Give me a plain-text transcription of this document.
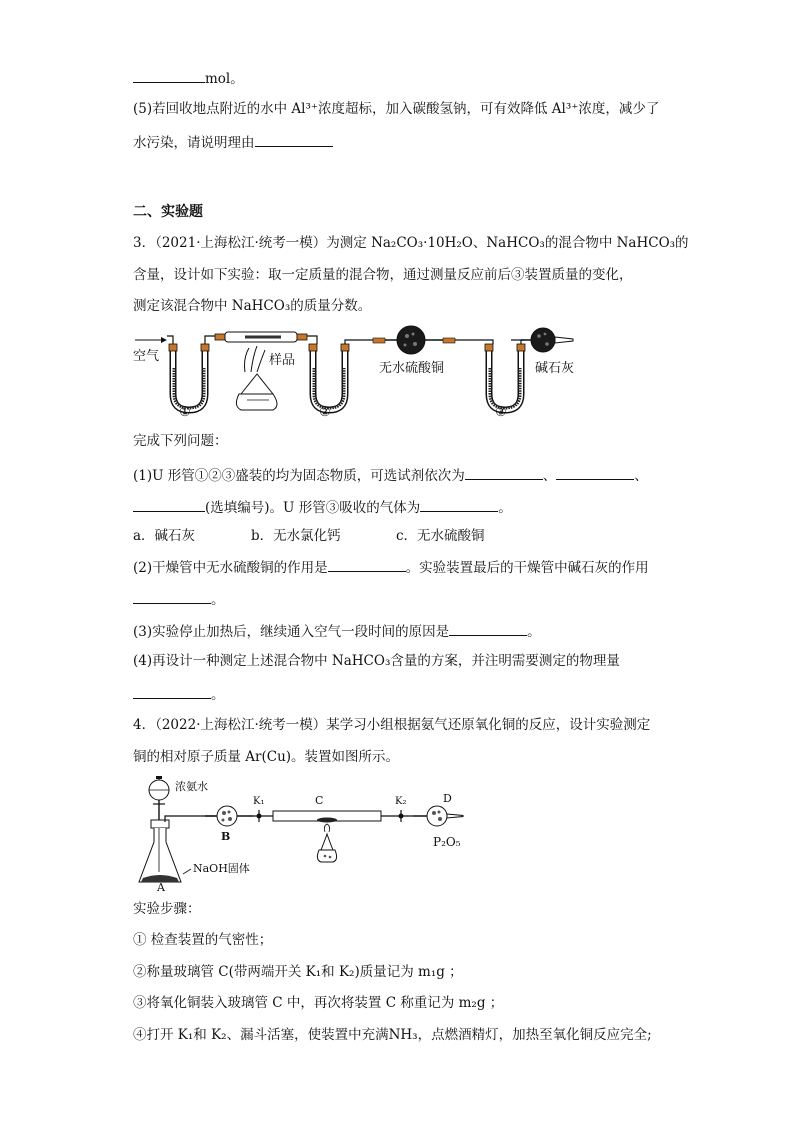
mol。
(5)若回收地点附近的水中 Al³⁺浓度超标，加入碳酸氢钠，可有效降低 Al³⁺浓度，减少了
水污染，请说明理由
二、实验题
3．（2021·上海松江·统考一模）为测定 Na₂CO₃·10H₂O、NaHCO₃的混合物中 NaHCO₃的
含量，设计如下实验：取一定质量的混合物，通过测量反应前后③装置质量的变化，
测定该混合物中 NaHCO₃的质量分数。
空气	样品
无水硫酸铜	碱石灰
①	②	③
完成下列问题：
(1)U 形管①②③盛装的均为固态物质，可选试剂依次为	、	、
(选填编号)。U 形管③吸收的气体为	。
a．碱石灰	b．无水氯化钙	c．无水硫酸铜
(2)干燥管中无水硫酸铜的作用是	。实验装置最后的干燥管中碱石灰的作用
。
(3)实验停止加热后，继续通入空气一段时间的原因是	。
(4)再设计一种测定上述混合物中 NaHCO₃含量的方案，并注明需要测定的物理量
。
4．（2022·上海松江·统考一模）某学习小组根据氨气还原氧化铜的反应，设计实验测定
铜的相对原子质量 Ar(Cu)。装置如图所示。
浓氨水
NaOH固体
A
B
K₁	C	K₂	D
P₂O₅
实验步骤：
① 检查装置的气密性；
②称量玻璃管 C(带两端开关 K₁和 K₂)质量记为 m₁g ；
③将氧化铜装入玻璃管 C 中，再次将装置 C 称重记为 m₂g ；
④打开 K₁和 K₂、漏斗活塞，使装置中充满NH₃，点燃酒精灯，加热至氧化铜反应完全;
